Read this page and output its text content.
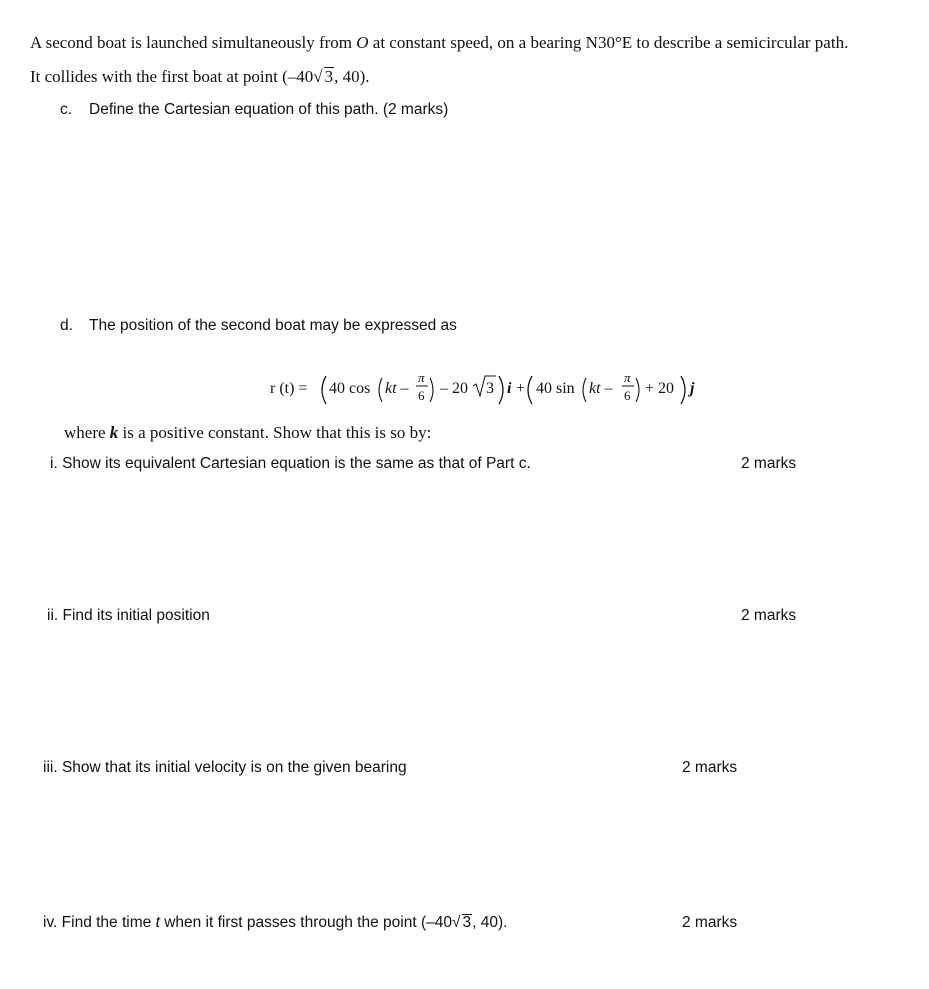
A second boat is launched simultaneously from O at constant speed, on a bearing N30°E to describe a semicircular path.
It collides with the first boat at point (–40√ 3, 40).
c. Define the Cartesian equation of this path. (2 marks)
d. The position of the second boat may be expressed as
r (t) = 40 cos kt –
π
6 – 20 3 i + 40 sin kt –
π
6 + 20 j
where k is a positive constant. Show that this is so by:
i. Show its equivalent Cartesian equation is the same as that of Part c.	2 marks
ii. Find its initial position	2 marks
iii. Show that its initial velocity is on the given bearing	2 marks
iv. Find the time t when it first passes through the point (–40√ 3, 40).	2 marks
